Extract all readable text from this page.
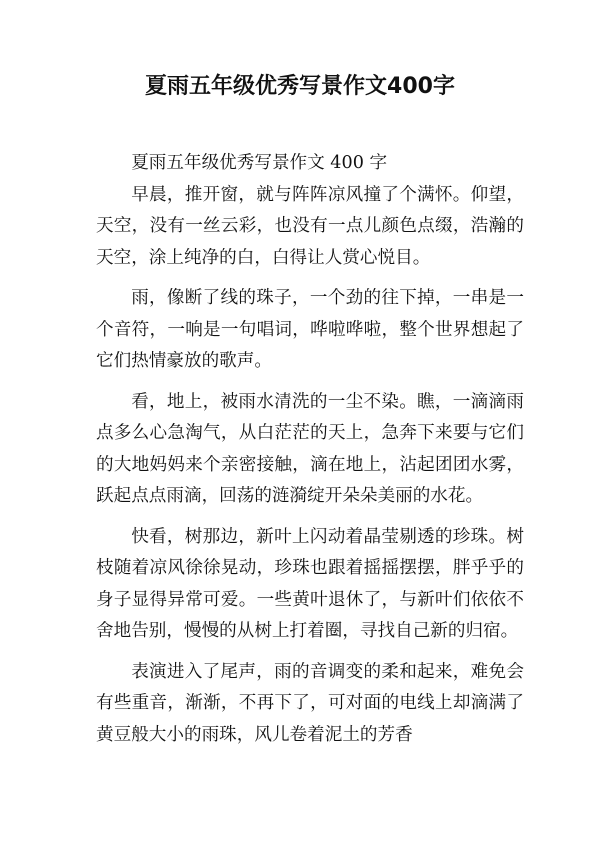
夏雨五年级优秀写景作文400字

夏雨五年级优秀写景作文 400 字

早晨，推开窗，就与阵阵凉风撞了个满怀。仰望，天空，没有一丝云彩，也没有一点儿颜色点缀，浩瀚的天空，涂上纯净的白，白得让人赏心悦目。

雨，像断了线的珠子，一个劲的往下掉，一串是一个音符，一响是一句唱词，哗啦哗啦，整个世界想起了它们热情豪放的歌声。

看，地上，被雨水清洗的一尘不染。瞧，一滴滴雨点多么心急淘气，从白茫茫的天上，急奔下来要与它们的大地妈妈来个亲密接触，滴在地上，沾起团团水雾，跃起点点雨滴，回荡的涟漪绽开朵朵美丽的水花。

快看，树那边，新叶上闪动着晶莹剔透的珍珠。树枝随着凉风徐徐晃动，珍珠也跟着摇摇摆摆，胖乎乎的身子显得异常可爱。一些黄叶退休了，与新叶们依依不舍地告别，慢慢的从树上打着圈，寻找自己新的归宿。

表演进入了尾声，雨的音调变的柔和起来，难免会有些重音，渐渐，不再下了，可对面的电线上却滴满了黄豆般大小的雨珠，风儿卷着泥土的芳香
